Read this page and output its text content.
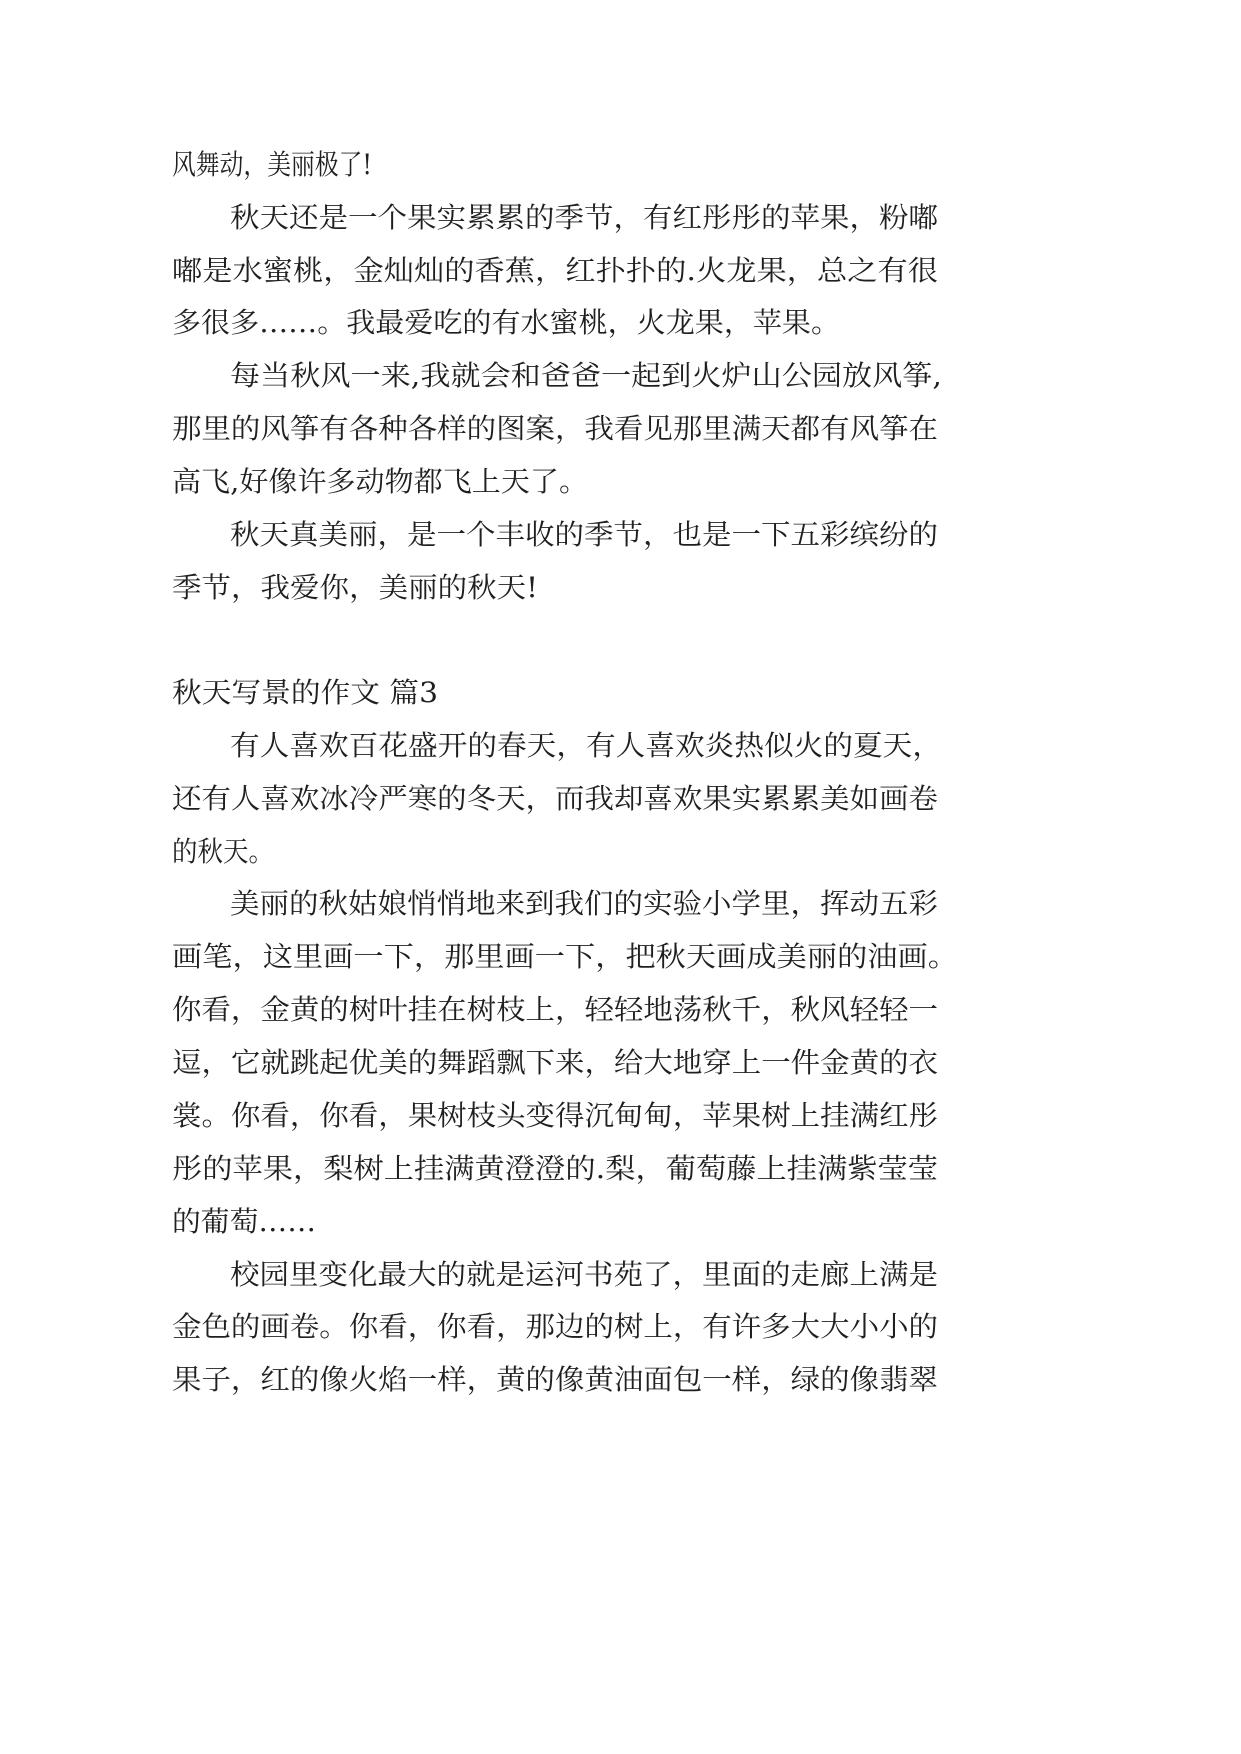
风舞动，美丽极了!
秋天还是一个果实累累的季节，有红彤彤的苹果，粉嘟
嘟是水蜜桃，金灿灿的香蕉，红扑扑的.火龙果，总之有很
多很多……。我最爱吃的有水蜜桃，火龙果，苹果。
每当秋风一来,我就会和爸爸一起到火炉山公园放风筝,
那里的风筝有各种各样的图案，我看见那里满天都有风筝在
高飞,好像许多动物都飞上天了。
秋天真美丽，是一个丰收的季节，也是一下五彩缤纷的
季节，我爱你，美丽的秋天!
秋天写景的作文 篇3
有人喜欢百花盛开的春天，有人喜欢炎热似火的夏天，
还有人喜欢冰冷严寒的冬天，而我却喜欢果实累累美如画卷
的秋天。
美丽的秋姑娘悄悄地来到我们的实验小学里，挥动五彩
画笔，这里画一下，那里画一下，把秋天画成美丽的油画。
你看，金黄的树叶挂在树枝上，轻轻地荡秋千，秋风轻轻一
逗，它就跳起优美的舞蹈飘下来，给大地穿上一件金黄的衣
裳。你看，你看，果树枝头变得沉甸甸，苹果树上挂满红彤
彤的苹果，梨树上挂满黄澄澄的.梨，葡萄藤上挂满紫莹莹
的葡萄……
校园里变化最大的就是运河书苑了，里面的走廊上满是
金色的画卷。你看，你看，那边的树上，有许多大大小小的
果子，红的像火焰一样，黄的像黄油面包一样，绿的像翡翠
